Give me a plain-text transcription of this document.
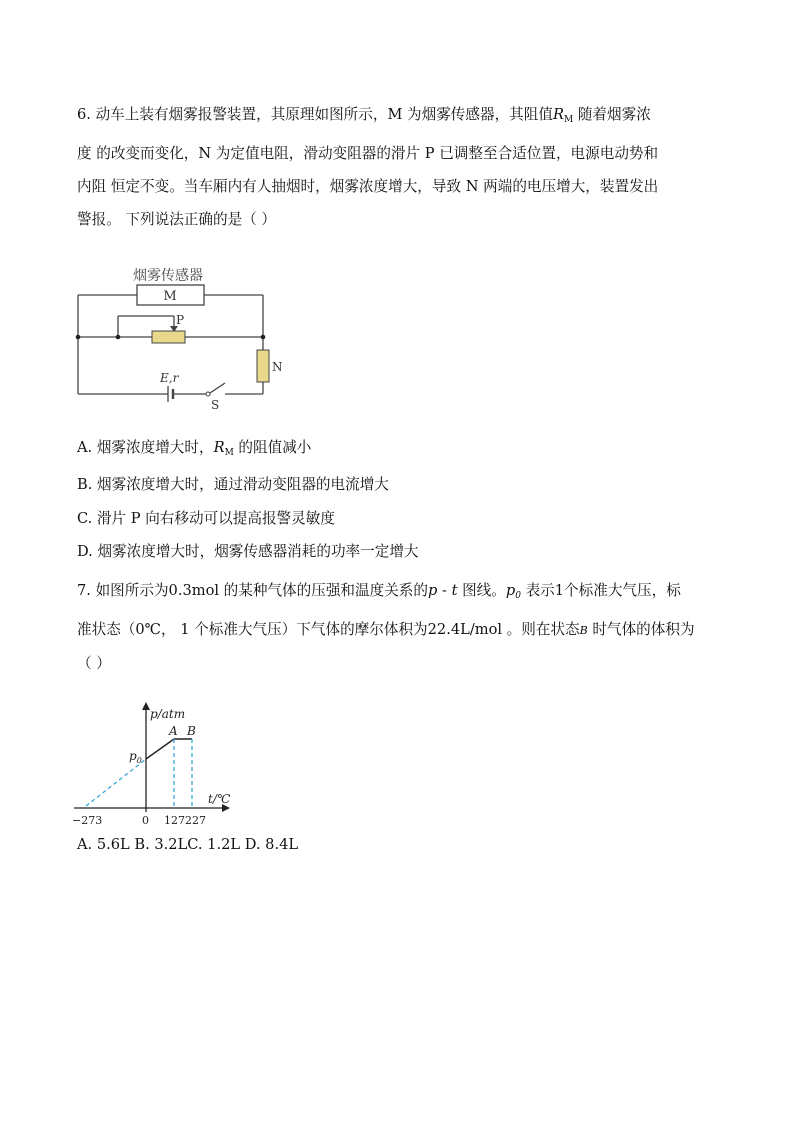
6. 动车上装有烟雾报警装置，其原理如图所示，M 为烟雾传感器，其阻值$R_M$ 随着烟雾浓
度 的改变而变化，N 为定值电阻，滑动变阻器的滑片 P 已调整至合适位置，电源电动势和
内阻 恒定不变。当车厢内有人抽烟时，烟雾浓度增大，导致 N 两端的电压增大，装置发出
警报。 下列说法正确的是（ ）
烟雾传感器
M
P
N
E,r
S
A. 烟雾浓度增大时，$R_M$ 的阻值减小
B. 烟雾浓度增大时，通过滑动变阻器的电流增大
C. 滑片 P 向右移动可以提高报警灵敏度
D. 烟雾浓度增大时，烟雾传感器消耗的功率一定增大
7. 如图所示为0.3mol 的某种气体的压强和温度关系的p - t 图线。$p_0$ 表示1个标准大气压，标
准状态（0℃， 1 个标准大气压）下气体的摩尔体积为22.4L/mol 。则在状态B 时气体的体积为
（ ）
p/atm
t/℃
$p_0$
A B
−273	0 127 227
A. 5.6L B. 3.2LC. 1.2L D. 8.4L
